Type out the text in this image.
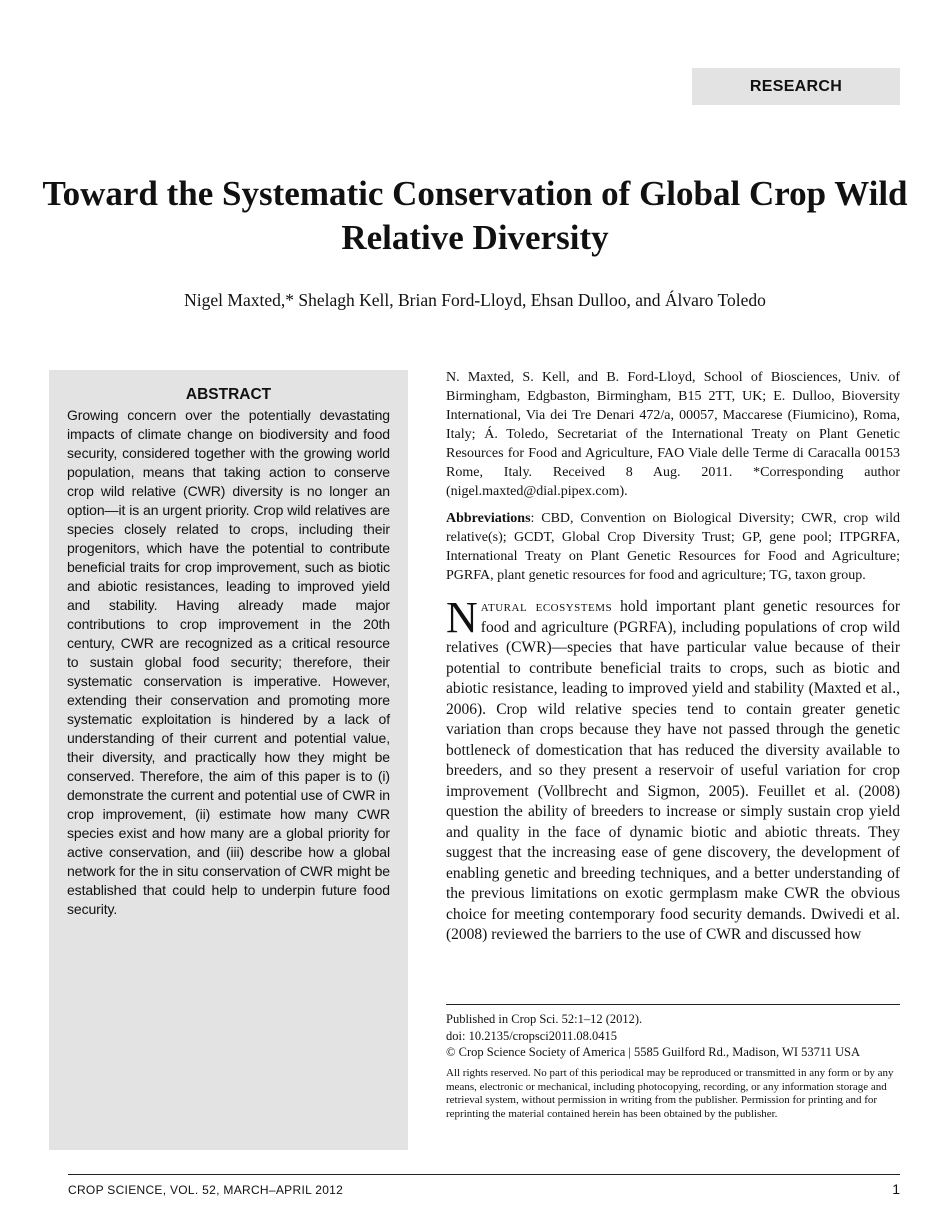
RESEARCH
Toward the Systematic Conservation of Global Crop Wild Relative Diversity
Nigel Maxted,* Shelagh Kell, Brian Ford-Lloyd, Ehsan Dulloo, and Álvaro Toledo
ABSTRACT

Growing concern over the potentially devastating impacts of climate change on biodiversity and food security, considered together with the growing world population, means that taking action to conserve crop wild relative (CWR) diversity is no longer an option—it is an urgent priority. Crop wild relatives are species closely related to crops, including their progenitors, which have the potential to contribute beneficial traits for crop improvement, such as biotic and abiotic resistances, leading to improved yield and stability. Having already made major contributions to crop improvement in the 20th century, CWR are recognized as a critical resource to sustain global food security; therefore, their systematic conservation is imperative. However, extending their conservation and promoting more systematic exploitation is hindered by a lack of understanding of their current and potential value, their diversity, and practically how they might be conserved. Therefore, the aim of this paper is to (i) demonstrate the current and potential use of CWR in crop improvement, (ii) estimate how many CWR species exist and how many are a global priority for active conservation, and (iii) describe how a global network for the in situ conservation of CWR might be established that could help to underpin future food security.

N. Maxted, S. Kell, and B. Ford-Lloyd, School of Biosciences, Univ. of Birmingham, Edgbaston, Birmingham, B15 2TT, UK; E. Dulloo, Bioversity International, Via dei Tre Denari 472/a, 00057, Maccarese (Fiumicino), Roma, Italy; Á. Toledo, Secretariat of the International Treaty on Plant Genetic Resources for Food and Agriculture, FAO Viale delle Terme di Caracalla 00153 Rome, Italy. Received 8 Aug. 2011. *Corresponding author (nigel.maxted@dial.pipex.com).

Abbreviations: CBD, Convention on Biological Diversity; CWR, crop wild relative(s); GCDT, Global Crop Diversity Trust; GP, gene pool; ITPGRFA, International Treaty on Plant Genetic Resources for Food and Agriculture; PGRFA, plant genetic resources for food and agriculture; TG, taxon group.

Natural ecosystems hold important plant genetic resources for food and agriculture (PGRFA), including populations of crop wild relatives (CWR)—species that have particular value because of their potential to contribute beneficial traits to crops, such as biotic and abiotic resistance, leading to improved yield and stability (Maxted et al., 2006). Crop wild relative species tend to contain greater genetic variation than crops because they have not passed through the genetic bottleneck of domestication that has reduced the diversity available to breeders, and so they present a reservoir of useful variation for crop improvement (Vollbrecht and Sigmon, 2005). Feuillet et al. (2008) question the ability of breeders to increase or simply sustain crop yield and quality in the face of dynamic biotic and abiotic threats. They suggest that the increasing ease of gene discovery, the development of enabling genetic and breeding techniques, and a better understanding of the previous limitations on exotic germplasm make CWR the obvious choice for meeting contemporary food security demands. Dwivedi et al. (2008) reviewed the barriers to the use of CWR and discussed how

Published in Crop Sci. 52:1–12 (2012).
doi: 10.2135/cropsci2011.08.0415
© Crop Science Society of America | 5585 Guilford Rd., Madison, WI 53711 USA
All rights reserved. No part of this periodical may be reproduced or transmitted in any form or by any means, electronic or mechanical, including photocopying, recording, or any information storage and retrieval system, without permission in writing from the publisher. Permission for printing and for reprinting the material contained herein has been obtained by the publisher.
CROP SCIENCE, VOL. 52, MARCH–APRIL 2012	1
